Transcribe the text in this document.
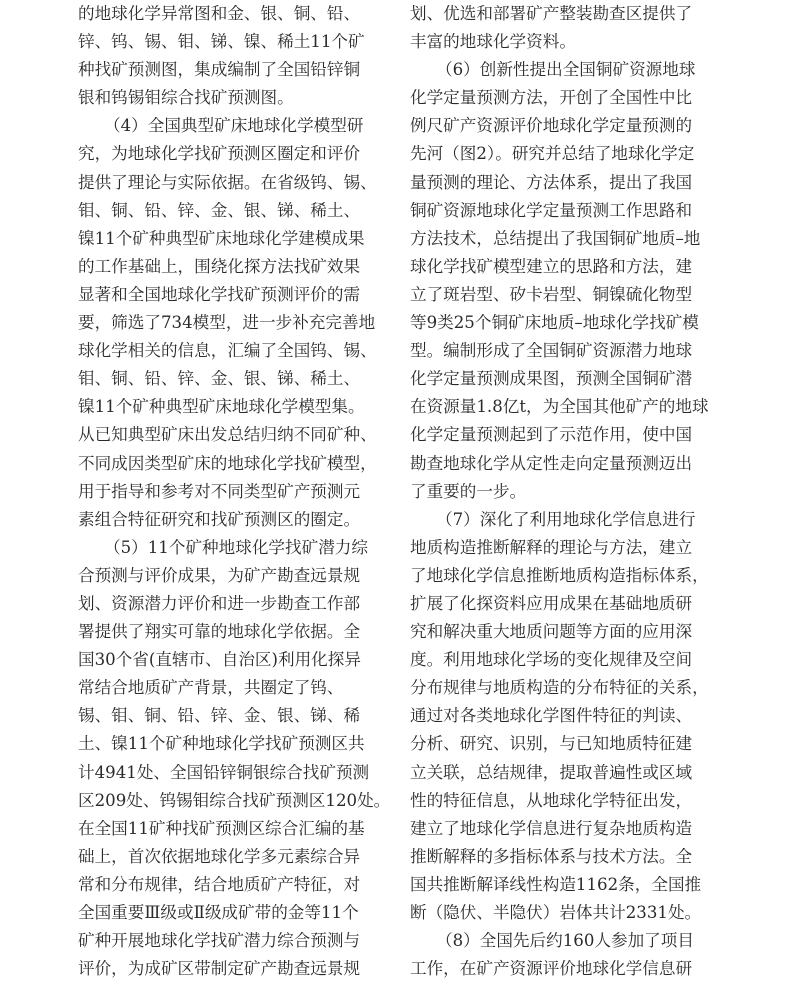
的地球化学异常图和金、银、铜、铅、
锌、钨、锡、钼、锑、镍、稀土11个矿
种找矿预测图，集成编制了全国铅锌铜
银和钨锡钼综合找矿预测图。
（4）全国典型矿床地球化学模型研
究，为地球化学找矿预测区圈定和评价
提供了理论与实际依据。在省级钨、锡、
钼、铜、铅、锌、金、银、锑、稀土、
镍11个矿种典型矿床地球化学建模成果
的工作基础上，围绕化探方法找矿效果
显著和全国地球化学找矿预测评价的需
要，筛选了734模型，进一步补充完善地
球化学相关的信息，汇编了全国钨、锡、
钼、铜、铅、锌、金、银、锑、稀土、
镍11个矿种典型矿床地球化学模型集。
从已知典型矿床出发总结归纳不同矿种、
不同成因类型矿床的地球化学找矿模型，
用于指导和参考对不同类型矿产预测元
素组合特征研究和找矿预测区的圈定。
（5）11个矿种地球化学找矿潜力综
合预测与评价成果，为矿产勘查远景规
划、资源潜力评价和进一步勘查工作部
署提供了翔实可靠的地球化学依据。全
国30个省(直辖市、自治区)利用化探异
常结合地质矿产背景，共圈定了钨、
锡、钼、铜、铅、锌、金、银、锑、稀
土、镍11个矿种地球化学找矿预测区共
计4941处、全国铅锌铜银综合找矿预测
区209处、钨锡钼综合找矿预测区120处。
在全国11矿种找矿预测区综合汇编的基
础上，首次依据地球化学多元素综合异
常和分布规律，结合地质矿产特征，对
全国重要Ⅲ级或Ⅱ级成矿带的金等11个
矿种开展地球化学找矿潜力综合预测与
评价，为成矿区带制定矿产勘查远景规
划、优选和部署矿产整装勘查区提供了
丰富的地球化学资料。
（6）创新性提出全国铜矿资源地球
化学定量预测方法，开创了全国性中比
例尺矿产资源评价地球化学定量预测的
先河（图2）。研究并总结了地球化学定
量预测的理论、方法体系，提出了我国
铜矿资源地球化学定量预测工作思路和
方法技术，总结提出了我国铜矿地质–地
球化学找矿模型建立的思路和方法，建
立了斑岩型、矽卡岩型、铜镍硫化物型
等9类25个铜矿床地质–地球化学找矿模
型。编制形成了全国铜矿资源潜力地球
化学定量预测成果图，预测全国铜矿潜
在资源量1.8亿t，为全国其他矿产的地球
化学定量预测起到了示范作用，使中国
勘查地球化学从定性走向定量预测迈出
了重要的一步。
（7）深化了利用地球化学信息进行
地质构造推断解释的理论与方法，建立
了地球化学信息推断地质构造指标体系，
扩展了化探资料应用成果在基础地质研
究和解决重大地质问题等方面的应用深
度。利用地球化学场的变化规律及空间
分布规律与地质构造的分布特征的关系，
通过对各类地球化学图件特征的判读、
分析、研究、识别，与已知地质特征建
立关联，总结规律，提取普遍性或区域
性的特征信息，从地球化学特征出发，
建立了地球化学信息进行复杂地质构造
推断解释的多指标体系与技术方法。全
国共推断解译线性构造1162条，全国推
断（隐伏、半隐伏）岩体共计2331处。
（8）全国先后约160人参加了项目
工作，在矿产资源评价地球化学信息研
